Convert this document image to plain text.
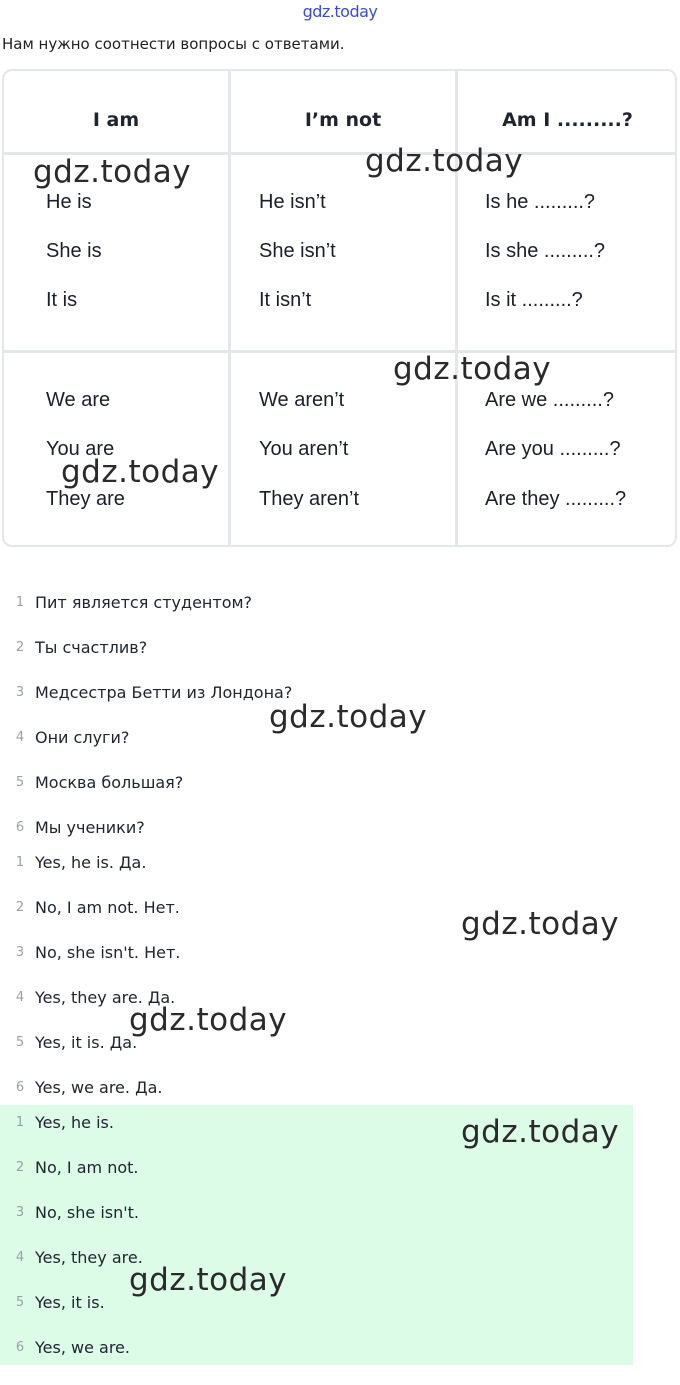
gdz.today
Нам нужно соотнести вопросы с ответами.
I am	I’m not	Am I .........?
He is	He isn’t	Is he .........?
She is	She isn’t	Is she .........?
It is	It isn’t	Is it .........?
We are	We aren’t	Are we .........?
You are	You aren’t	Are you .........?
They are	They aren’t	Are they .........?
1 Пит является студентом?
2 Ты счастлив?
3 Медсестра Бетти из Лондона?
4 Они слуги?
5 Москва большая?
6 Мы ученики?
1 Yes, he is. Да.
2 No, I am not. Нет.
3 No, she isn't. Нет.
4 Yes, they are. Да.
5 Yes, it is. Да.
6 Yes, we are. Да.
1 Yes, he is.
2 No, I am not.
3 No, she isn't.
4 Yes, they are.
5 Yes, it is.
6 Yes, we are.
gdz.today	gdz.today
gdz.today
gdz.today
gdz.today
gdz.today
gdz.today
gdz.today
gdz.today
